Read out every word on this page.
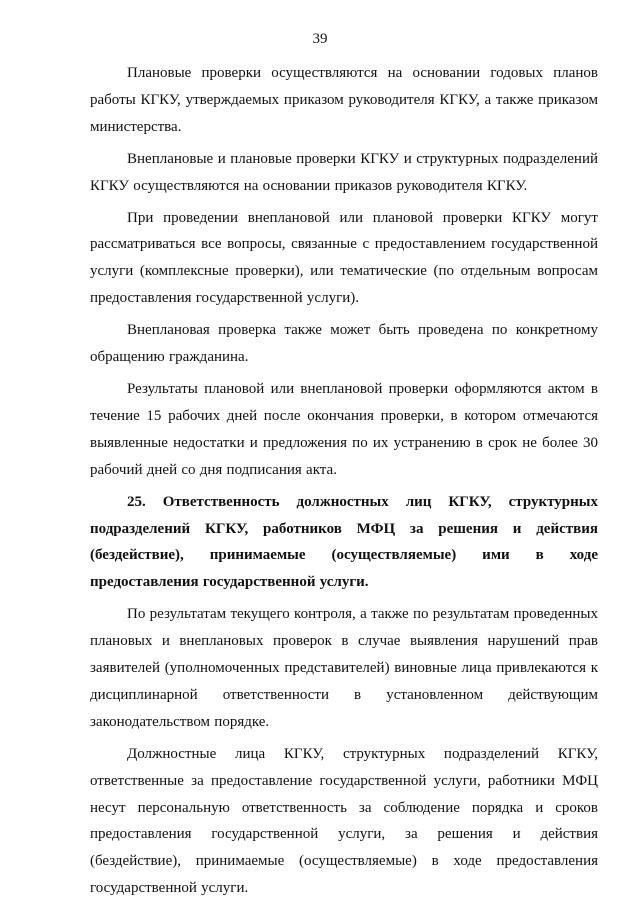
39

Плановые проверки осуществляются на основании годовых планов работы КГКУ, утверждаемых приказом руководителя КГКУ, а также приказом министерства.

Внеплановые и плановые проверки КГКУ и структурных подразделений КГКУ осуществляются на основании приказов руководителя КГКУ.

При проведении внеплановой или плановой проверки КГКУ могут рассматриваться все вопросы, связанные с предоставлением государственной услуги (комплексные проверки), или тематические (по отдельным вопросам предоставления государственной услуги).

Внеплановая проверка также может быть проведена по конкретному обращению гражданина.

Результаты плановой или внеплановой проверки оформляются актом в течение 15 рабочих дней после окончания проверки, в котором отмечаются выявленные недостатки и предложения по их устранению в срок не более 30 рабочий дней со дня подписания акта.

25. Ответственность должностных лиц КГКУ, структурных подразделений КГКУ, работников МФЦ за решения и действия (бездействие), принимаемые (осуществляемые) ими в ходе предоставления государственной услуги.

По результатам текущего контроля, а также по результатам проведенных плановых и внеплановых проверок в случае выявления нарушений прав заявителей (уполномоченных представителей) виновные лица привлекаются к дисциплинарной ответственности в установленном действующим законодательством порядке.

Должностные лица КГКУ, структурных подразделений КГКУ, ответственные за предоставление государственной услуги, работники МФЦ несут персональную ответственность за соблюдение порядка и сроков предоставления государственной услуги, за решения и действия (бездействие), принимаемые (осуществляемые) в ходе предоставления государственной услуги.
